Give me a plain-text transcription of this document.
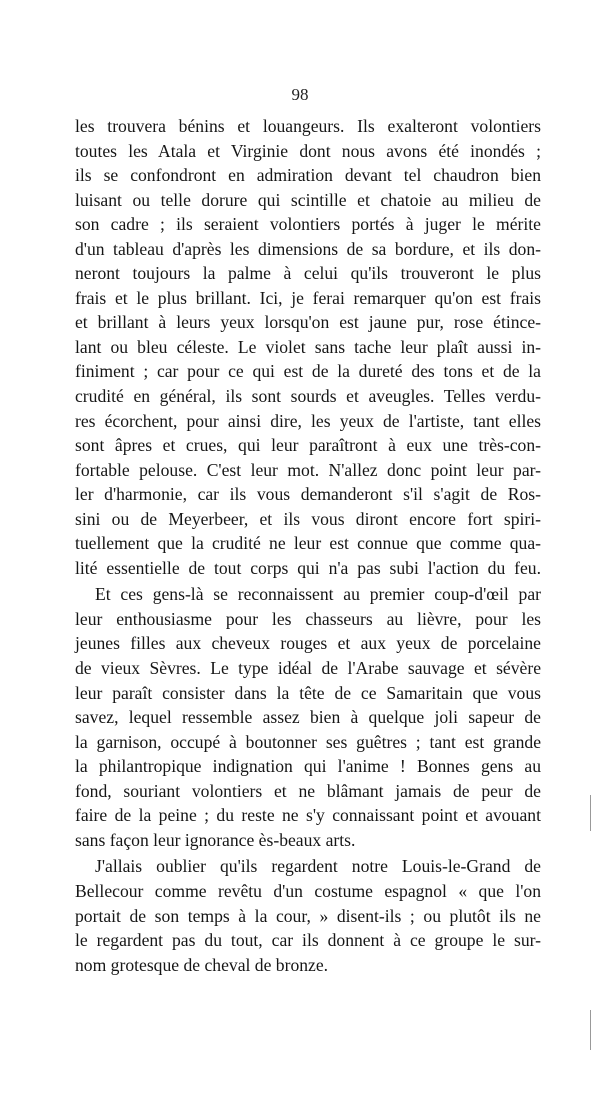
98
les trouvera bénins et louangeurs. Ils exalteront volontiers
toutes les Atala et Virginie dont nous avons été inondés ;
ils se confondront en admiration devant tel chaudron bien
luisant ou telle dorure qui scintille et chatoie au milieu de
son cadre ; ils seraient volontiers portés à juger le mérite
d'un tableau d'après les dimensions de sa bordure, et ils don-
neront toujours la palme à celui qu'ils trouveront le plus
frais et le plus brillant. Ici, je ferai remarquer qu'on est frais
et brillant à leurs yeux lorsqu'on est jaune pur, rose étince-
lant ou bleu céleste. Le violet sans tache leur plaît aussi in-
finiment ; car pour ce qui est de la dureté des tons et de la
crudité en général, ils sont sourds et aveugles. Telles verdu-
res écorchent, pour ainsi dire, les yeux de l'artiste, tant elles
sont âpres et crues, qui leur paraîtront à eux une très-con-
fortable pelouse. C'est leur mot. N'allez donc point leur par-
ler d'harmonie, car ils vous demanderont s'il s'agit de Ros-
sini ou de Meyerbeer, et ils vous diront encore fort spiri-
tuellement que la crudité ne leur est connue que comme qua-
lité essentielle de tout corps qui n'a pas subi l'action du feu.
Et ces gens-là se reconnaissent au premier coup-d'œil par
leur enthousiasme pour les chasseurs au lièvre, pour les
jeunes filles aux cheveux rouges et aux yeux de porcelaine
de vieux Sèvres. Le type idéal de l'Arabe sauvage et sévère
leur paraît consister dans la tête de ce Samaritain que vous
savez, lequel ressemble assez bien à quelque joli sapeur de
la garnison, occupé à boutonner ses guêtres ; tant est grande
la philantropique indignation qui l'anime ! Bonnes gens au
fond, souriant volontiers et ne blâmant jamais de peur de
faire de la peine ; du reste ne s'y connaissant point et avouant
sans façon leur ignorance ès-beaux arts.
J'allais oublier qu'ils regardent notre Louis-le-Grand de
Bellecour comme revêtu d'un costume espagnol « que l'on
portait de son temps à la cour, » disent-ils ; ou plutôt ils ne
le regardent pas du tout, car ils donnent à ce groupe le sur-
nom grotesque de cheval de bronze.
